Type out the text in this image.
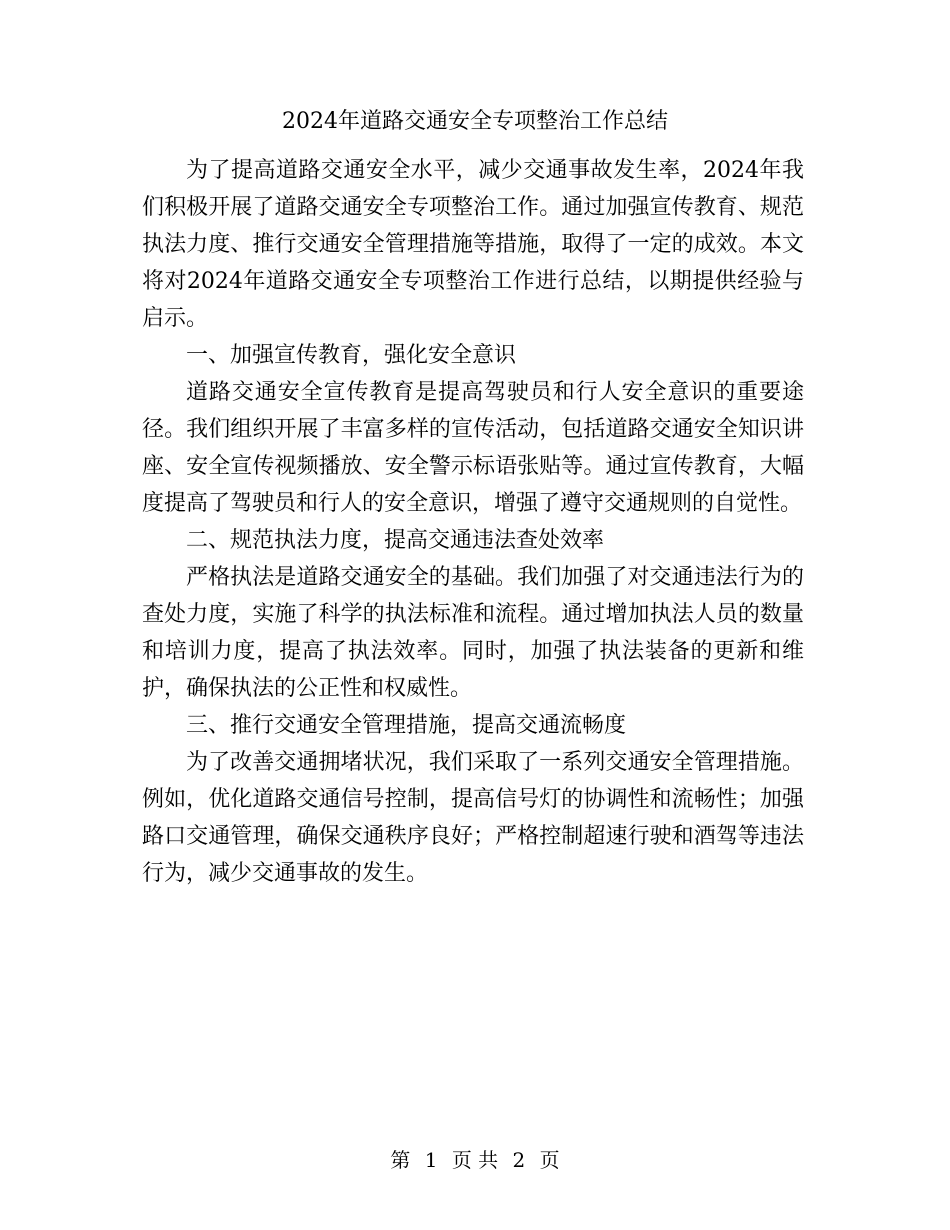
2024年道路交通安全专项整治工作总结

为了提高道路交通安全水平，减少交通事故发生率，2024年我们积极开展了道路交通安全专项整治工作。通过加强宣传教育、规范执法力度、推行交通安全管理措施等措施，取得了一定的成效。本文将对2024年道路交通安全专项整治工作进行总结，以期提供经验与启示。

一、加强宣传教育，强化安全意识

道路交通安全宣传教育是提高驾驶员和行人安全意识的重要途径。我们组织开展了丰富多样的宣传活动，包括道路交通安全知识讲座、安全宣传视频播放、安全警示标语张贴等。通过宣传教育，大幅度提高了驾驶员和行人的安全意识，增强了遵守交通规则的自觉性。

二、规范执法力度，提高交通违法查处效率

严格执法是道路交通安全的基础。我们加强了对交通违法行为的查处力度，实施了科学的执法标准和流程。通过增加执法人员的数量和培训力度，提高了执法效率。同时，加强了执法装备的更新和维护，确保执法的公正性和权威性。

三、推行交通安全管理措施，提高交通流畅度

为了改善交通拥堵状况，我们采取了一系列交通安全管理措施。例如，优化道路交通信号控制，提高信号灯的协调性和流畅性；加强路口交通管理，确保交通秩序良好；严格控制超速行驶和酒驾等违法行为，减少交通事故的发生。

第 1 页 共 2 页
